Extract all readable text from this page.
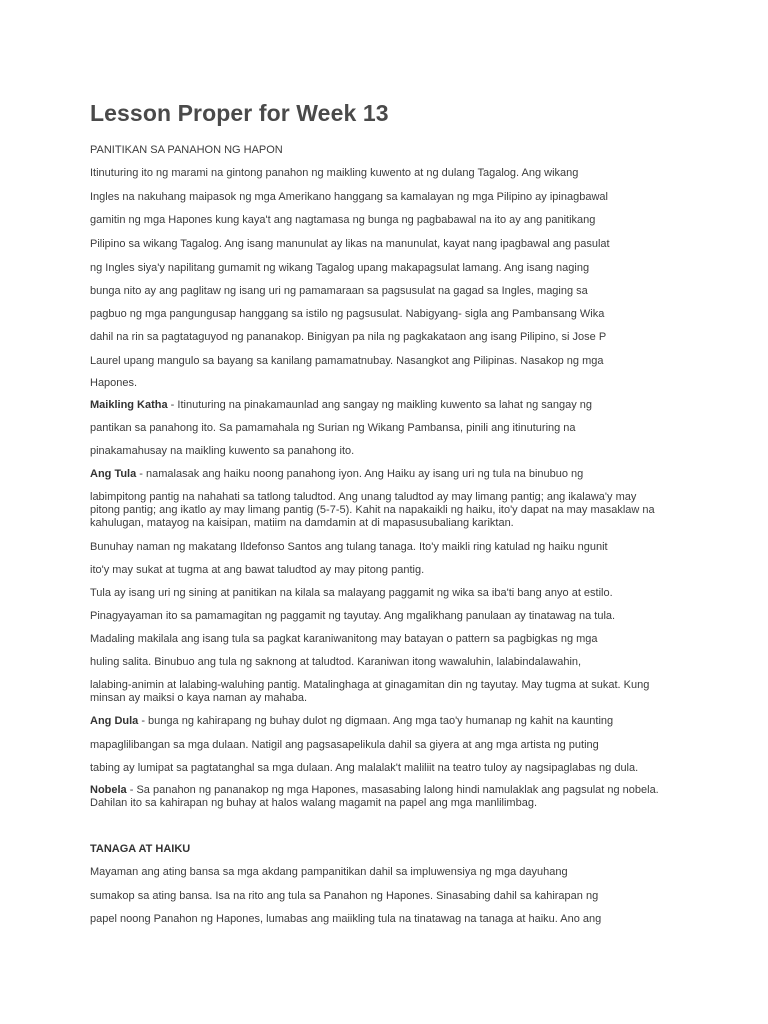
Lesson Proper for Week 13
PANITIKAN SA PANAHON NG HAPON
Itinuturing ito ng marami na gintong panahon ng maikling kuwento at ng dulang Tagalog. Ang wikang
Ingles na nakuhang maipasok ng mga Amerikano hanggang sa kamalayan ng mga Pilipino ay ipinagbawal
gamitin ng mga Hapones kung kaya't ang nagtamasa ng bunga ng pagbabawal na ito ay ang panitikang
Pilipino sa wikang Tagalog. Ang isang manunulat ay likas na manunulat, kayat nang ipagbawal ang pasulat
ng Ingles siya'y napilitang gumamit ng wikang Tagalog upang makapagsulat lamang. Ang isang naging
bunga nito ay ang paglitaw ng isang uri ng pamamaraan sa pagsusulat na gagad sa Ingles, maging sa
pagbuo ng mga pangungusap hanggang sa istilo ng pagsusulat. Nabigyang- sigla ang Pambansang Wika
dahil na rin sa pagtataguyod ng pananakop. Binigyan pa nila ng pagkakataon ang isang Pilipino, si Jose P
Laurel upang mangulo sa bayang sa kanilang pamamatnubay. Nasangkot ang Pilipinas. Nasakop ng mga
Hapones.
Maikling Katha - Itinuturing na pinakamaunlad ang sangay ng maikling kuwento sa lahat ng sangay ng
pantikan sa panahong ito. Sa pamamahala ng Surian ng Wikang Pambansa, pinili ang itinuturing na
pinakamahusay na maikling kuwento sa panahong ito.
Ang Tula - namalasak ang haiku noong panahong iyon. Ang Haiku ay isang uri ng tula na binubuo ng
labimpitong pantig na nahahati sa tatlong taludtod. Ang unang taludtod ay may limang pantig; ang ikalawa'y may
pitong pantig; ang ikatlo ay may limang pantig (5-7-5). Kahit na napakaikli ng haiku, ito'y dapat na may masaklaw na
kahulugan, matayog na kaisipan, matiim na damdamin at di mapasusubaliang kariktan.
Bunuhay naman ng makatang Ildefonso Santos ang tulang tanaga. Ito'y maikli ring katulad ng haiku ngunit
ito'y may sukat at tugma at ang bawat taludtod ay may pitong pantig.
Tula ay isang uri ng sining at panitikan na kilala sa malayang paggamit ng wika sa iba'ti bang anyo at estilo.
Pinagyayaman ito sa pamamagitan ng paggamit ng tayutay. Ang mgalikhang panulaan ay tinatawag na tula.
Madaling makilala ang isang tula sa pagkat karaniwanitong may batayan o pattern sa pagbigkas ng mga
huling salita. Binubuo ang tula ng saknong at taludtod. Karaniwan itong wawaluhin, lalabindalawahin,
lalabing-animin at lalabing-waluhing pantig. Matalinghaga at ginagamitan din ng tayutay. May tugma at sukat. Kung
minsan ay maiksi o kaya naman ay mahaba.
Ang Dula - bunga ng kahirapang ng buhay dulot ng digmaan. Ang mga tao'y humanap ng kahit na kaunting
mapaglilibangan sa mga dulaan. Natigil ang pagsasapelikula dahil sa giyera at ang mga artista ng puting
tabing ay lumipat sa pagtatanghal sa mga dulaan. Ang malalak't maliliit na teatro tuloy ay nagsipaglabas ng dula.
Nobela - Sa panahon ng pananakop ng mga Hapones, masasabing lalong hindi namulaklak ang pagsulat ng nobela.
Dahilan ito sa kahirapan ng buhay at halos walang magamit na papel ang mga manlilimbag.
TANAGA AT HAIKU
Mayaman ang ating bansa sa mga akdang pampanitikan dahil sa impluwensiya ng mga dayuhang
sumakop sa ating bansa. Isa na rito ang tula sa Panahon ng Hapones. Sinasabing dahil sa kahirapan ng
papel noong Panahon ng Hapones, lumabas ang maiikling tula na tinatawag na tanaga at haiku. Ano ang
